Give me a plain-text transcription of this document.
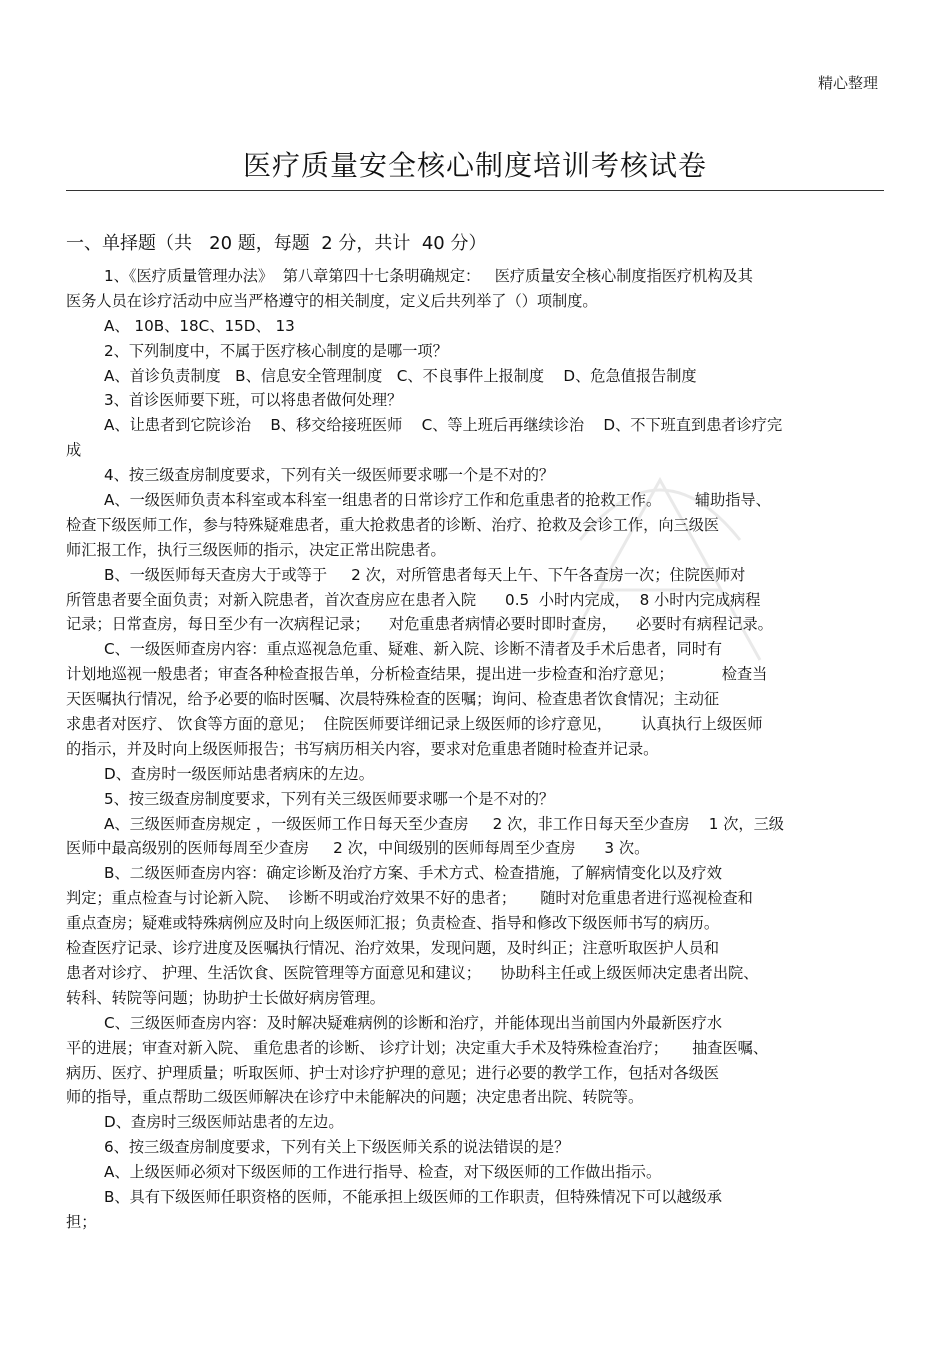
精心整理
医疗质量安全核心制度培训考核试卷
一、单择题（共   20 题，每题  2 分，共计  40 分）
1、《医疗质量管理办法》  第八章第四十七条明确规定：   医疗质量安全核心制度指医疗机构及其
医务人员在诊疗活动中应当严格遵守的相关制度，定义后共列举了（）项制度。
A、 10B、18C、15D、 13
2、下列制度中，不属于医疗核心制度的是哪一项？
A、首诊负责制度   B、信息安全管理制度   C、不良事件上报制度    D、危急值报告制度
3、首诊医师要下班，可以将患者做何处理？
A、让患者到它院诊治    B、移交给接班医师    C、等上班后再继续诊治    D、不下班直到患者诊疗完
成
4、按三级查房制度要求，下列有关一级医师要求哪一个是不对的？
A、一级医师负责本科室或本科室一组患者的日常诊疗工作和危重患者的抢救工作。       辅助指导、
检查下级医师工作，参与特殊疑难患者，重大抢救患者的诊断、治疗、抢救及会诊工作，向三级医
师汇报工作，执行三级医师的指示，决定正常出院患者。
B、一级医师每天查房大于或等于     2 次，对所管患者每天上午、下午各查房一次；住院医师对
所管患者要全面负责；对新入院患者，首次查房应在患者入院      0.5  小时内完成，  8 小时内完成病程
记录；日常查房，每日至少有一次病程记录；    对危重患者病情必要时即时查房，    必要时有病程记录。
C、一级医师查房内容：重点巡视急危重、疑难、新入院、诊断不清者及手术后患者，同时有
计划地巡视一般患者；审查各种检查报告单，分析检查结果，提出进一步检查和治疗意见；          检查当
天医嘱执行情况，给予必要的临时医嘱、次晨特殊检查的医嘱；询问、检查患者饮食情况；主动征
求患者对医疗、 饮食等方面的意见；  住院医师要详细记录上级医师的诊疗意见，      认真执行上级医师
的指示，并及时向上级医师报告；书写病历相关内容，要求对危重患者随时检查并记录。
D、查房时一级医师站患者病床的左边。
5、按三级查房制度要求，下列有关三级医师要求哪一个是不对的？
A、三级医师查房规定 ，一级医师工作日每天至少查房     2 次，非工作日每天至少查房    1 次，三级
医师中最高级别的医师每周至少查房     2 次，中间级别的医师每周至少查房      3 次。
B、二级医师查房内容：确定诊断及治疗方案、手术方式、检查措施，了解病情变化以及疗效
判定；重点检查与讨论新入院、  诊断不明或治疗效果不好的患者；     随时对危重患者进行巡视检查和
重点查房；疑难或特殊病例应及时向上级医师汇报；负责检查、指导和修改下级医师书写的病历。
检查医疗记录、诊疗进度及医嘱执行情况、治疗效果，发现问题，及时纠正；注意听取医护人员和
患者对诊疗、 护理、生活饮食、医院管理等方面意见和建议；    协助科主任或上级医师决定患者出院、
转科、转院等问题；协助护士长做好病房管理。
C、三级医师查房内容：及时解决疑难病例的诊断和治疗，并能体现出当前国内外最新医疗水
平的进展；审查对新入院、 重危患者的诊断、 诊疗计划；决定重大手术及特殊检查治疗；     抽查医嘱、
病历、医疗、护理质量；听取医师、护士对诊疗护理的意见；进行必要的教学工作，包括对各级医
师的指导，重点帮助二级医师解决在诊疗中未能解决的问题；决定患者出院、转院等。
D、查房时三级医师站患者的左边。
6、按三级查房制度要求，下列有关上下级医师关系的说法错误的是？
A、上级医师必须对下级医师的工作进行指导、检查，对下级医师的工作做出指示。
B、具有下级医师任职资格的医师，不能承担上级医师的工作职责，但特殊情况下可以越级承
担；
